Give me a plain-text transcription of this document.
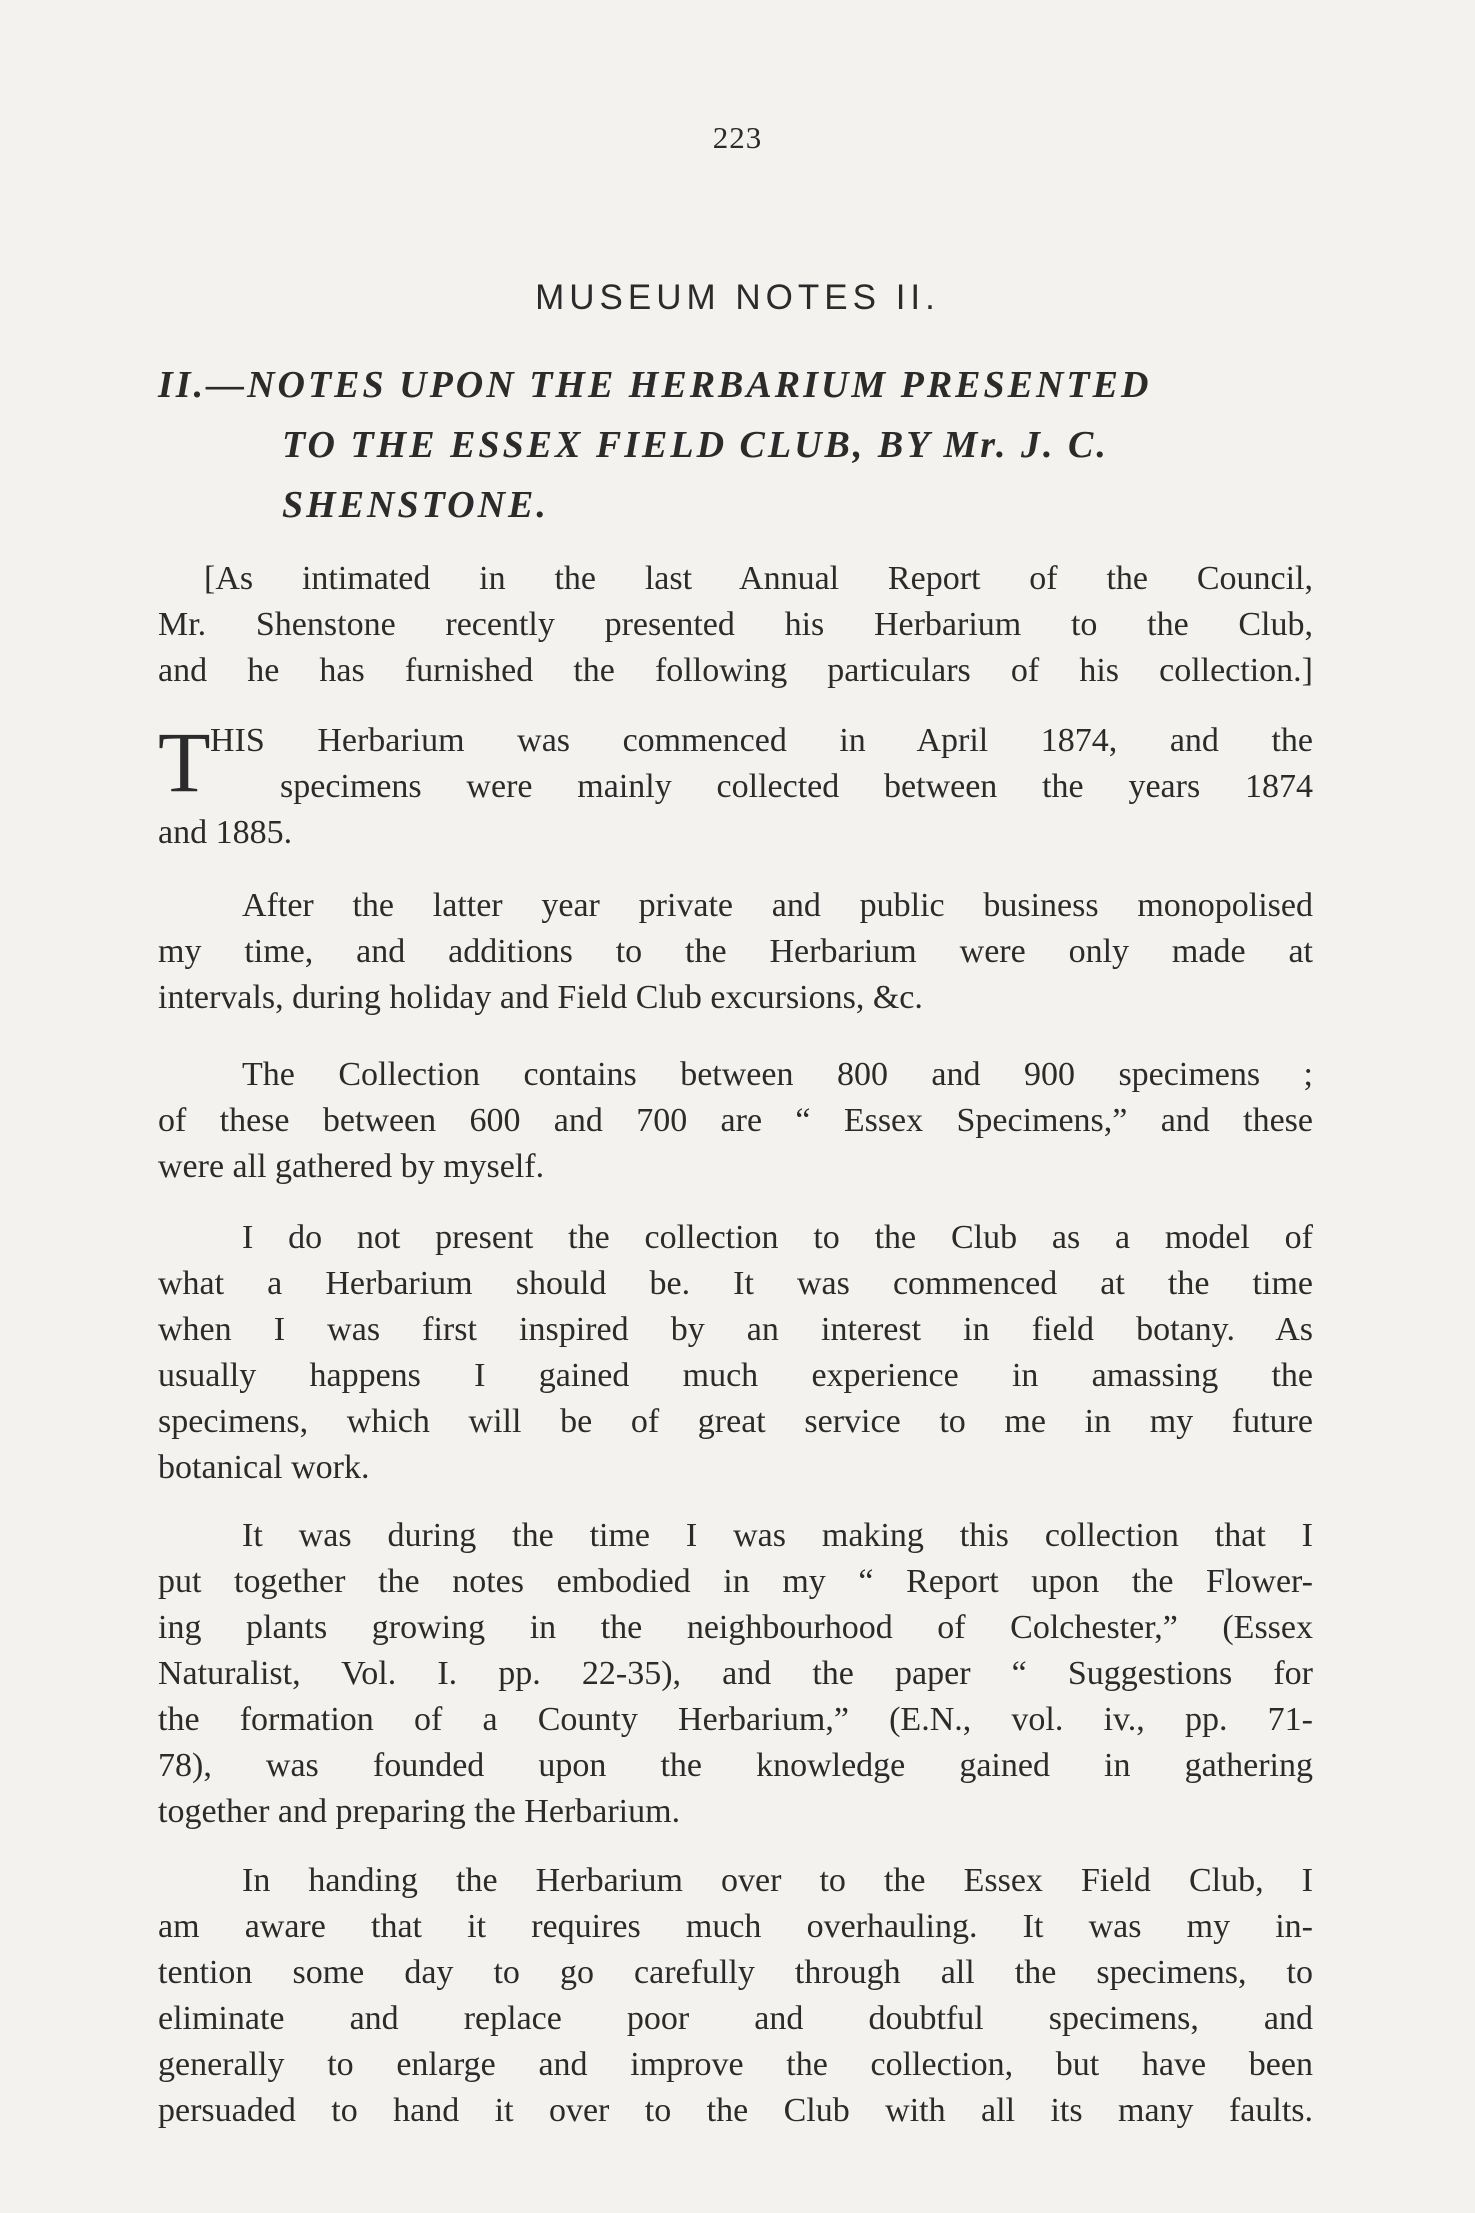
223
MUSEUM NOTES II.
II.—NOTES UPON THE HERBARIUM PRESENTED
TO THE ESSEX FIELD CLUB, BY Mr. J. C.
SHENSTONE.
[As intimated in the last Annual Report of the Council,
Mr. Shenstone recently presented his Herbarium to the Club,
and he has furnished the following particulars of his collection.]
T HIS Herbarium was commenced in April 1874, and the
specimens were mainly collected between the years 1874
and 1885.
After the latter year private and public business monopolised
my time, and additions to the Herbarium were only made at
intervals, during holiday and Field Club excursions, &c.
The Collection contains between 800 and 900 specimens ;
of these between 600 and 700 are “ Essex Specimens,” and these
were all gathered by myself.
I do not present the collection to the Club as a model of
what a Herbarium should be. It was commenced at the time
when I was first inspired by an interest in field botany. As
usually happens I gained much experience in amassing the
specimens, which will be of great service to me in my future
botanical work.
It was during the time I was making this collection that I
put together the notes embodied in my “ Report upon the Flower-
ing plants growing in the neighbourhood of Colchester,” (Essex
Naturalist, Vol. I. pp. 22-35), and the paper “ Suggestions for
the formation of a County Herbarium,” (E.N., vol. iv., pp. 71-
78), was founded upon the knowledge gained in gathering
together and preparing the Herbarium.
In handing the Herbarium over to the Essex Field Club, I
am aware that it requires much overhauling. It was my in-
tention some day to go carefully through all the specimens, to
eliminate and replace poor and doubtful specimens, and
generally to enlarge and improve the collection, but have been
persuaded to hand it over to the Club with all its many faults.
